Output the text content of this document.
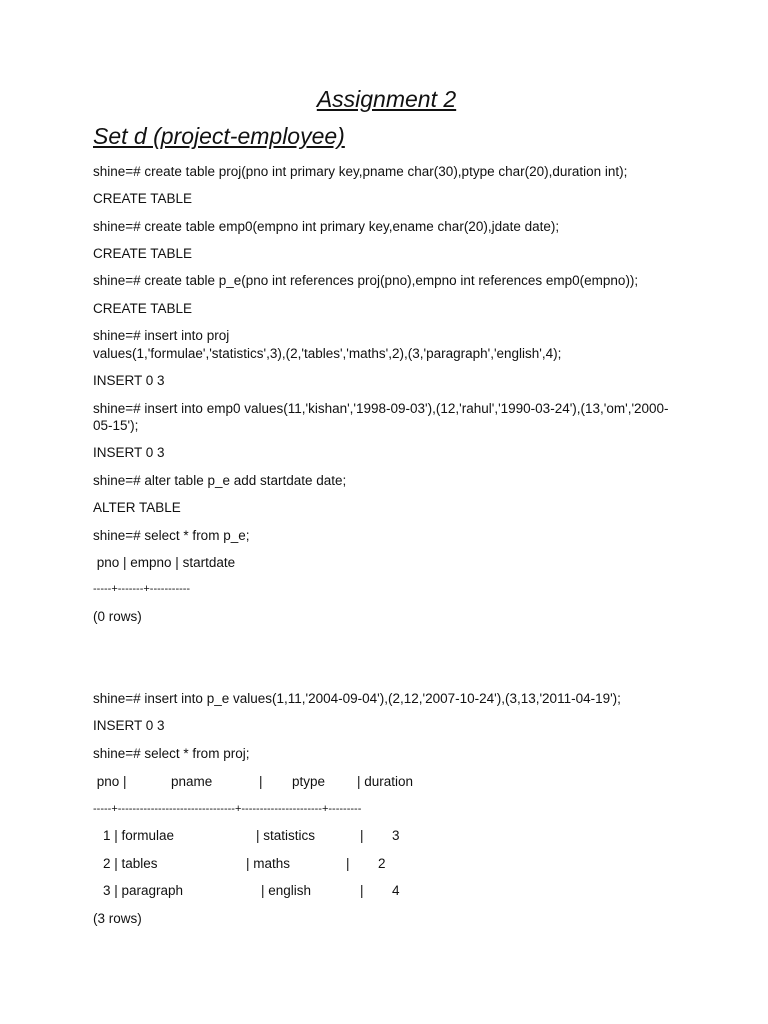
Assignment 2
Set d (project-employee)
shine=# create table proj(pno int primary key,pname char(30),ptype char(20),duration int);
CREATE TABLE
shine=# create table emp0(empno int primary key,ename char(20),jdate date);
CREATE TABLE
shine=# create table p_e(pno int references proj(pno),empno int references emp0(empno));
CREATE TABLE
shine=# insert into proj
values(1,'formulae','statistics',3),(2,'tables','maths',2),(3,'paragraph','english',4);
INSERT 0 3
shine=# insert into emp0 values(11,'kishan','1998-09-03'),(12,'rahul','1990-03-24'),(13,'om','2000-
05-15');
INSERT 0 3
shine=# alter table p_e add startdate date;
ALTER TABLE
shine=# select * from p_e;
pno | empno | startdate
-----+-------+-----------
(0 rows)
shine=# insert into p_e values(1,11,'2004-09-04'),(2,12,'2007-10-24'),(3,13,'2011-04-19');
INSERT 0 3
shine=# select * from proj;
pno |	pname	| ptype | duration
-----+--------------------------------+----------------------+---------
1 | formulae	| statistics	| 3
2 | tables	| maths	| 2
3 | paragraph	| english	| 4
(3 rows)
